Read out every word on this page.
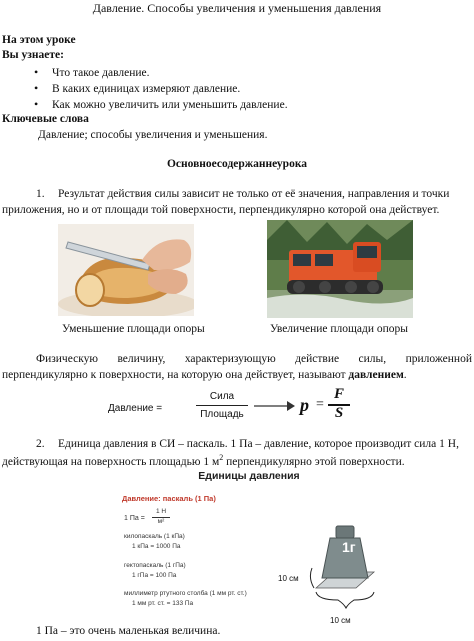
Давление. Способы увеличения и уменьшения давления
На этом уроке
Вы узнаете:
• Что такое давление.
• В каких единицах измеряют давление.
• Как можно увеличить или уменьшить давление.
Ключевые слова
Давление; способы увеличения и уменьшения.
Основноесодержаннеурока
1. Результат действия силы зависит не только от её значения, направления и точки
приложения, но и от площади той поверхности, перпендикулярно которой она действует.
Уменьшение площади опоры	Увеличение площади опоры
Физическую величину, характеризующую действие силы, приложенной
перпендикулярно к поверхности, на которую она действует, называют давлением.
Давление =
Сила
Площадь	p =
F
S
2. Единица давления в СИ – паскаль. 1 Па – давление, которое производит сила 1 Н,
действующая на поверхность площадью 1 $м^2$ перпендикулярно этой поверхности.
Единицы давления
Давление: паскаль (1 Па)
1 Па =
1 Н
м²
килопаскаль (1 кПа)
1 кПа = 1000 Па
гектопаскаль (1 гПа)
1 гПа = 100 Па
миллиметр ртутного столба (1 мм рт. ст.)
1 мм рт. ст. = 133 Па
1г
10 см
10 см
1 Па – это очень маленькая величина.
